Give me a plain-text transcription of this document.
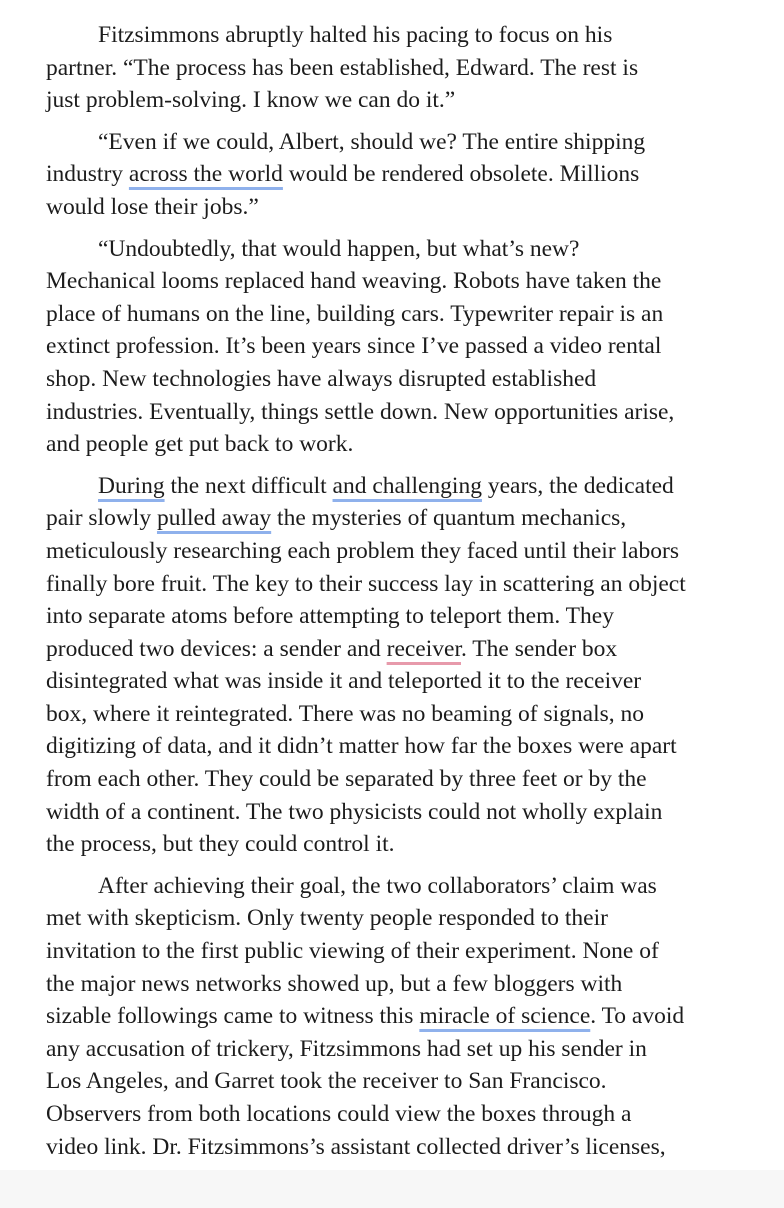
Fitzsimmons abruptly halted his pacing to focus on his
partner. “The process has been established, Edward. The rest is
just problem-solving. I know we can do it.”
“Even if we could, Albert, should we? The entire shipping
industry across the world would be rendered obsolete. Millions
would lose their jobs.”
“Undoubtedly, that would happen, but what’s new?
Mechanical looms replaced hand weaving. Robots have taken the
place of humans on the line, building cars. Typewriter repair is an
extinct profession. It’s been years since I’ve passed a video rental
shop. New technologies have always disrupted established
industries. Eventually, things settle down. New opportunities arise,
and people get put back to work.
During the next difficult and challenging years, the dedicated
pair slowly pulled away the mysteries of quantum mechanics,
meticulously researching each problem they faced until their labors
finally bore fruit. The key to their success lay in scattering an object
into separate atoms before attempting to teleport them. They
produced two devices: a sender and receiver. The sender box
disintegrated what was inside it and teleported it to the receiver
box, where it reintegrated. There was no beaming of signals, no
digitizing of data, and it didn’t matter how far the boxes were apart
from each other. They could be separated by three feet or by the
width of a continent. The two physicists could not wholly explain
the process, but they could control it.
After achieving their goal, the two collaborators’ claim was
met with skepticism. Only twenty people responded to their
invitation to the first public viewing of their experiment. None of
the major news networks showed up, but a few bloggers with
sizable followings came to witness this miracle of science. To avoid
any accusation of trickery, Fitzsimmons had set up his sender in
Los Angeles, and Garret took the receiver to San Francisco.
Observers from both locations could view the boxes through a
video link. Dr. Fitzsimmons’s assistant collected driver’s licenses,
